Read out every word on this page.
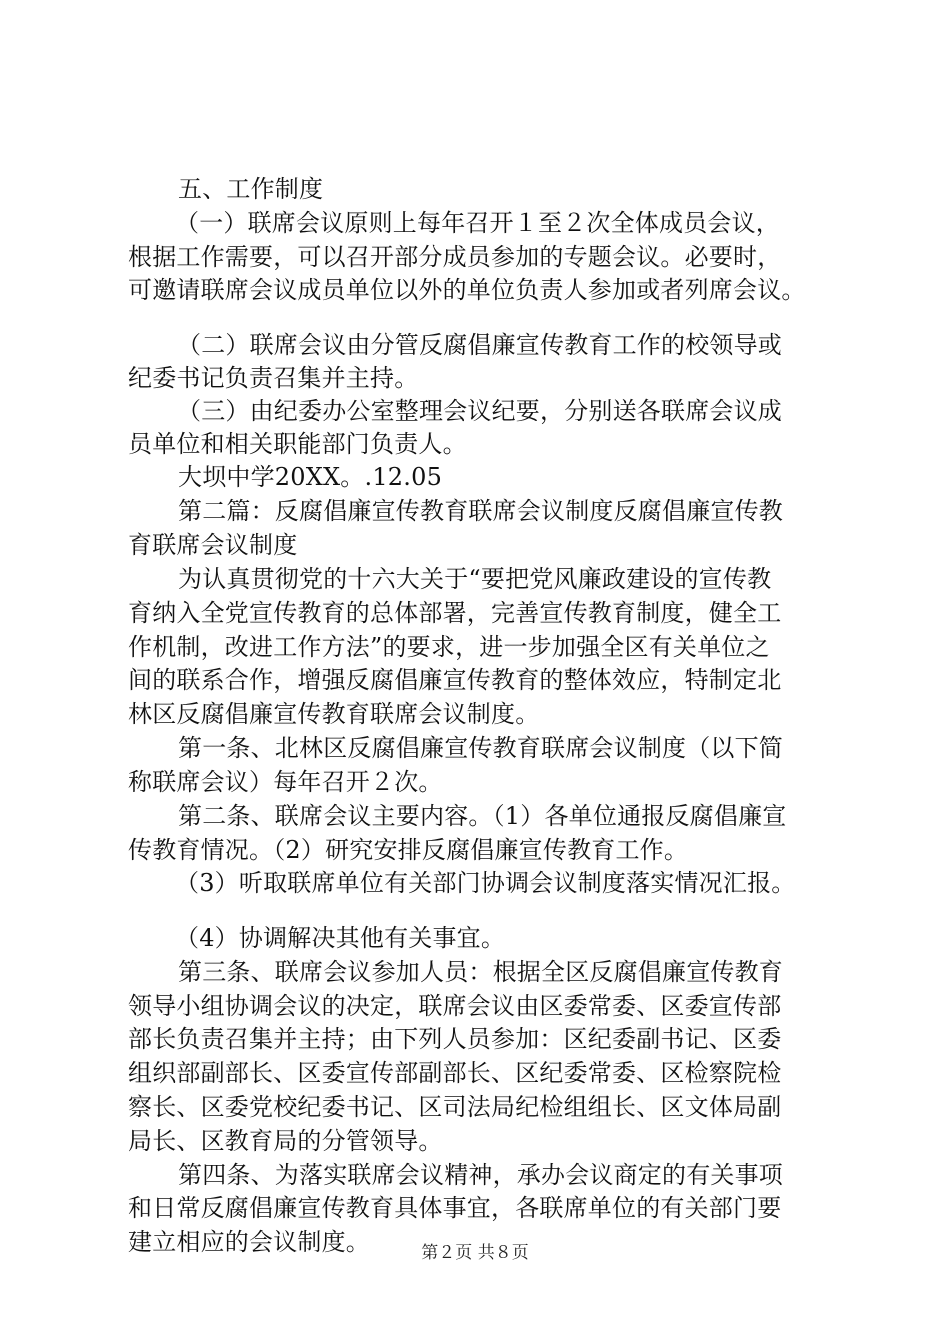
五、工作制度
（一）联席会议原则上每年召开１至２次全体成员会议，
根据工作需要，可以召开部分成员参加的专题会议。必要时，
可邀请联席会议成员单位以外的单位负责人参加或者列席会议。
（二）联席会议由分管反腐倡廉宣传教育工作的校领导或
纪委书记负责召集并主持。
（三）由纪委办公室整理会议纪要，分别送各联席会议成
员单位和相关职能部门负责人。
大坝中学20XX。.12.05
第二篇：反腐倡廉宣传教育联席会议制度反腐倡廉宣传教
育联席会议制度
为认真贯彻党的十六大关于“要把党风廉政建设的宣传教
育纳入全党宣传教育的总体部署，完善宣传教育制度，健全工
作机制，改进工作方法”的要求，进一步加强全区有关单位之
间的联系合作，增强反腐倡廉宣传教育的整体效应，特制定北
林区反腐倡廉宣传教育联席会议制度。
第一条、北林区反腐倡廉宣传教育联席会议制度（以下简
称联席会议）每年召开２次。
第二条、联席会议主要内容。（1）各单位通报反腐倡廉宣
传教育情况。（2）研究安排反腐倡廉宣传教育工作。
（3）听取联席单位有关部门协调会议制度落实情况汇报。
（4）协调解决其他有关事宜。
第三条、联席会议参加人员：根据全区反腐倡廉宣传教育
领导小组协调会议的决定，联席会议由区委常委、区委宣传部
部长负责召集并主持；由下列人员参加：区纪委副书记、区委
组织部副部长、区委宣传部副部长、区纪委常委、区检察院检
察长、区委党校纪委书记、区司法局纪检组组长、区文体局副
局长、区教育局的分管领导。
第四条、为落实联席会议精神，承办会议商定的有关事项
和日常反腐倡廉宣传教育具体事宜，各联席单位的有关部门要
建立相应的会议制度。	第２页 共８页
